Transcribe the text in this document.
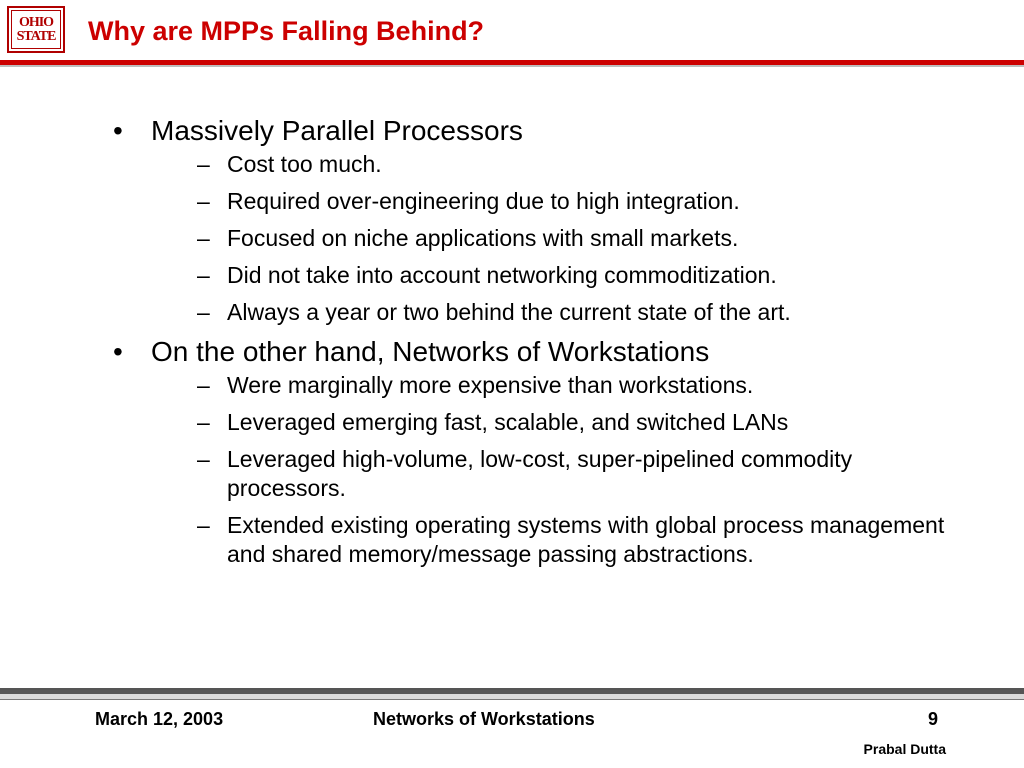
OHIO
STATE Why are MPPs Falling Behind?
• Massively Parallel Processors
– Cost too much.
– Required over-engineering due to high integration.
– Focused on niche applications with small markets.
– Did not take into account networking commoditization.
– Always a year or two behind the current state of the art.
• On the other hand, Networks of Workstations
– Were marginally more expensive than workstations.
– Leveraged emerging fast, scalable, and switched LANs
– Leveraged high-volume, low-cost, super-pipelined commodity processors.
– Extended existing operating systems with global process management and shared memory/message passing abstractions.

March 12, 2003	Networks of Workstations	9

Prabal Dutta
